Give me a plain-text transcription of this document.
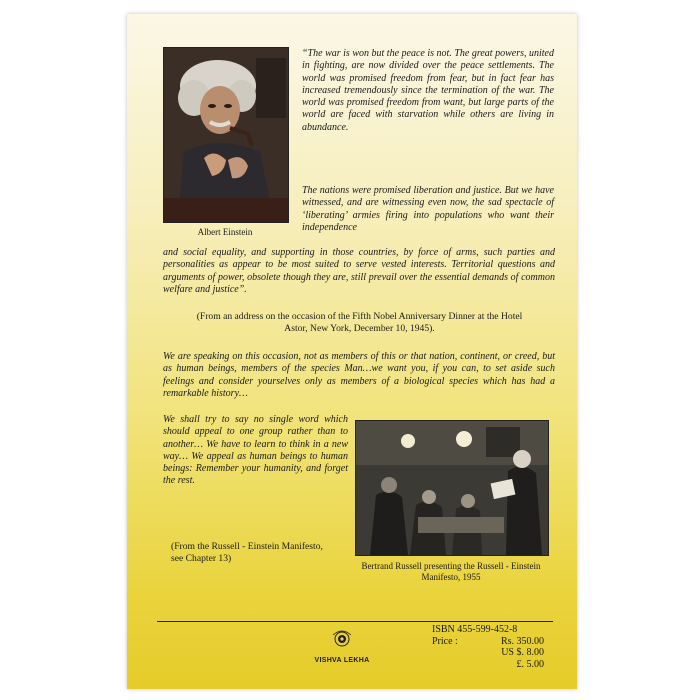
Albert Einstein
“The war is won but the peace is not. The great powers, united in fighting, are now divided over the peace settlements. The world was promised freedom from fear, but in fact fear has increased tremendously since the termination of the war. The world was promised freedom from want, but large parts of the world are faced with starvation while others are living in abundance.
The nations were promised liberation and justice. But we have witnessed, and are witnessing even now, the sad spectacle of ‘liberating’ armies firing into populations who want their independence
and social equality, and supporting in those countries, by force of arms, such parties and personalities as appear to be most suited to serve vested interests. Territorial questions and arguments of power, obsolete though they are, still prevail over the essential demands of common welfare and justice”.
(From an address on the occasion of the Fifth Nobel Anniversary Dinner at the Hotel Astor, New York, December 10, 1945).
We are speaking on this occasion, not as members of this or that nation, continent, or creed, but as human beings, members of the species Man…we want you, if you can, to set aside such feelings and consider yourselves only as members of a biological species which has had a remarkable history…
We shall try to say no single word which should appeal to one group rather than to another… We have to learn to think in a new way… We appeal as human beings to human beings: Remember your humanity, and forget the rest.
(From the Russell - Einstein Manifesto, see Chapter 13)
Bertrand Russell presenting the Russell - Einstein Manifesto, 1955
VISHVA LEKHA
ISBN 455-599-452-8
Price :	Rs. 350.00
US $. 8.00
£. 5.00
